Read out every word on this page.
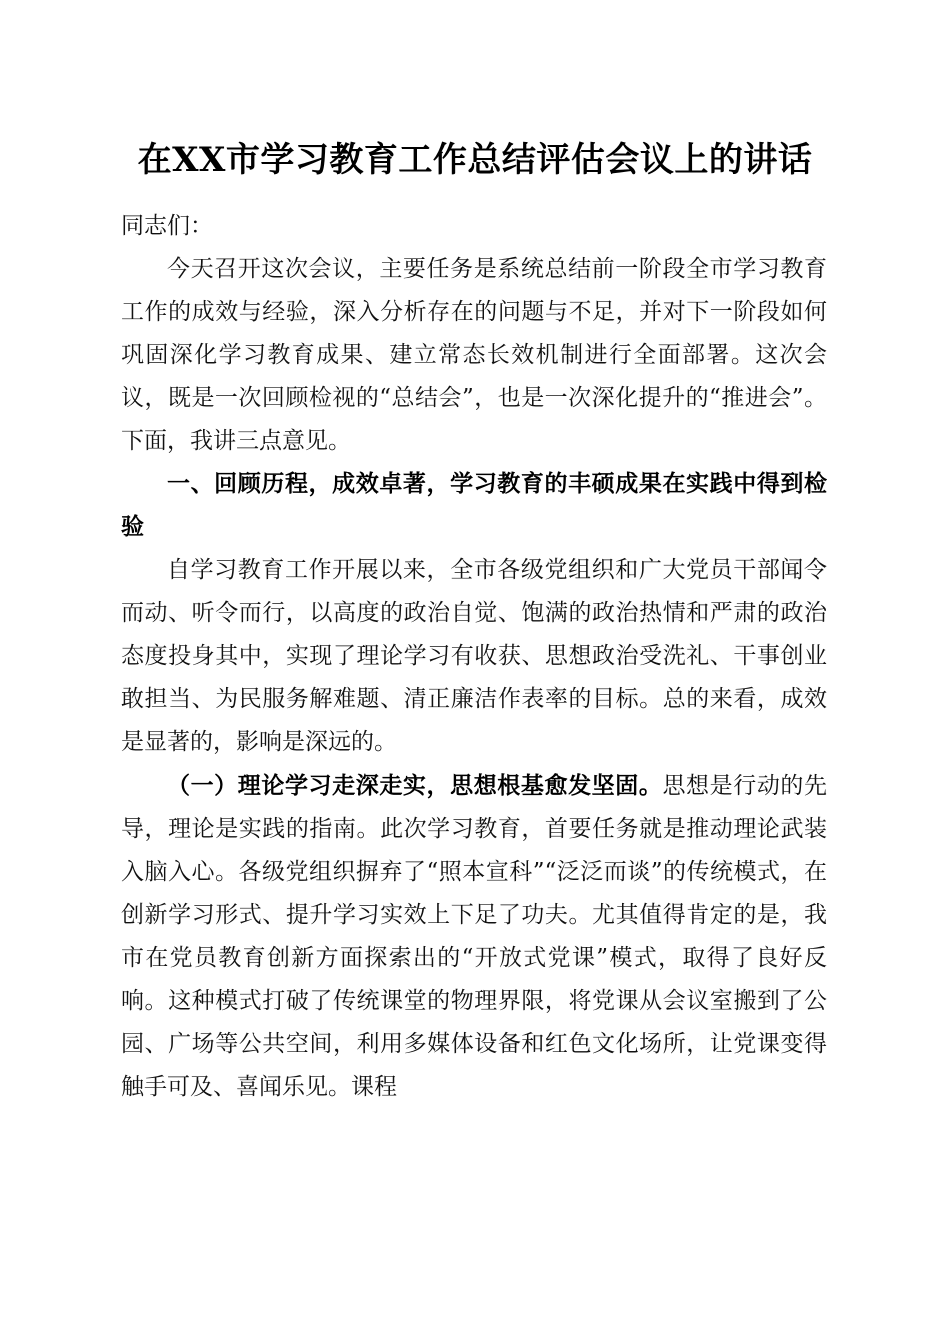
在XX市学习教育工作总结评估会议上的讲话

同志们：

今天召开这次会议，主要任务是系统总结前一阶段全市学习教育工作的成效与经验，深入分析存在的问题与不足，并对下一阶段如何巩固深化学习教育成果、建立常态长效机制进行全面部署。这次会议，既是一次回顾检视的“总结会”，也是一次深化提升的“推进会”。下面，我讲三点意见。

一、回顾历程，成效卓著，学习教育的丰硕成果在实践中得到检验

自学习教育工作开展以来，全市各级党组织和广大党员干部闻令而动、听令而行，以高度的政治自觉、饱满的政治热情和严肃的政治态度投身其中，实现了理论学习有收获、思想政治受洗礼、干事创业敢担当、为民服务解难题、清正廉洁作表率的目标。总的来看，成效是显著的，影响是深远的。

（一）理论学习走深走实，思想根基愈发坚固。思想是行动的先导，理论是实践的指南。此次学习教育，首要任务就是推动理论武装入脑入心。各级党组织摒弃了“照本宣科”“泛泛而谈”的传统模式，在创新学习形式、提升学习实效上下足了功夫。尤其值得肯定的是，我市在党员教育创新方面探索出的“开放式党课”模式，取得了良好反响。这种模式打破了传统课堂的物理界限，将党课从会议室搬到了公园、广场等公共空间，利用多媒体设备和红色文化场所，让党课变得触手可及、喜闻乐见。课程
